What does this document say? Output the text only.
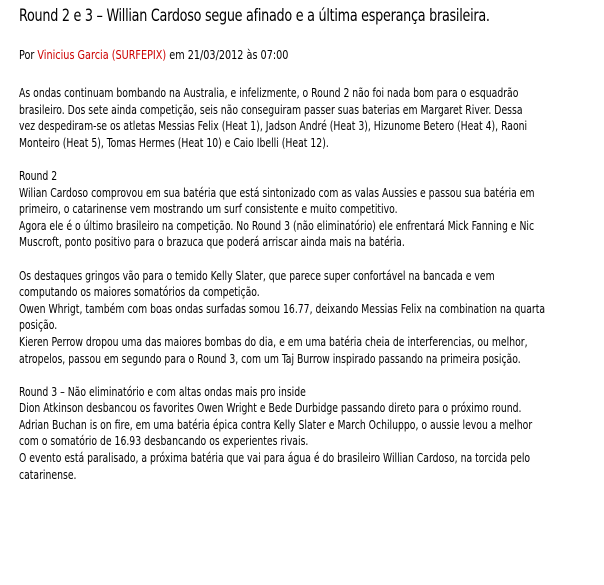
Round 2 e 3 – Willian Cardoso segue afinado e a última esperança brasileira.
Por Vinicius Garcia (SURFEPIX) em 21/03/2012 às 07:00
As ondas continuam bombando na Australia, e infelizmente, o Round 2 não foi nada bom para o esquadrão
brasileiro. Dos sete ainda competição, seis não conseguiram passer suas baterias em Margaret River. Dessa
vez despediram-se os atletas Messias Felix (Heat 1), Jadson André (Heat 3), Hizunome Betero (Heat 4), Raoni
Monteiro (Heat 5), Tomas Hermes (Heat 10) e Caio Ibelli (Heat 12).
Round 2
Wilian Cardoso comprovou em sua batéria que está sintonizado com as valas Aussies e passou sua batéria em
primeiro, o catarinense vem mostrando um surf consistente e muito competitivo.
Agora ele é o último brasileiro na competição. No Round 3 (não eliminatório) ele enfrentará Mick Fanning e Nic
Muscroft, ponto positivo para o brazuca que poderá arriscar ainda mais na batéria.
Os destaques gringos vão para o temido Kelly Slater, que parece super confortável na bancada e vem
computando os maiores somatórios da competição.
Owen Whrigt, também com boas ondas surfadas somou 16.77, deixando Messias Felix na combination na quarta
posição.
Kieren Perrow dropou uma das maiores bombas do dia, e em uma batéria cheia de interferencias, ou melhor,
atropelos, passou em segundo para o Round 3, com um Taj Burrow inspirado passando na primeira posição.
Round 3 – Não eliminatório e com altas ondas mais pro inside
Dion Atkinson desbancou os favorites Owen Wright e Bede Durbidge passando direto para o próximo round.
Adrian Buchan is on fire, em uma batéria épica contra Kelly Slater e March Ochiluppo, o aussie levou a melhor
com o somatório de 16.93 desbancando os experientes rivais.
O evento está paralisado, a próxima batéria que vai para água é do brasileiro Willian Cardoso, na torcida pelo
catarinense.
